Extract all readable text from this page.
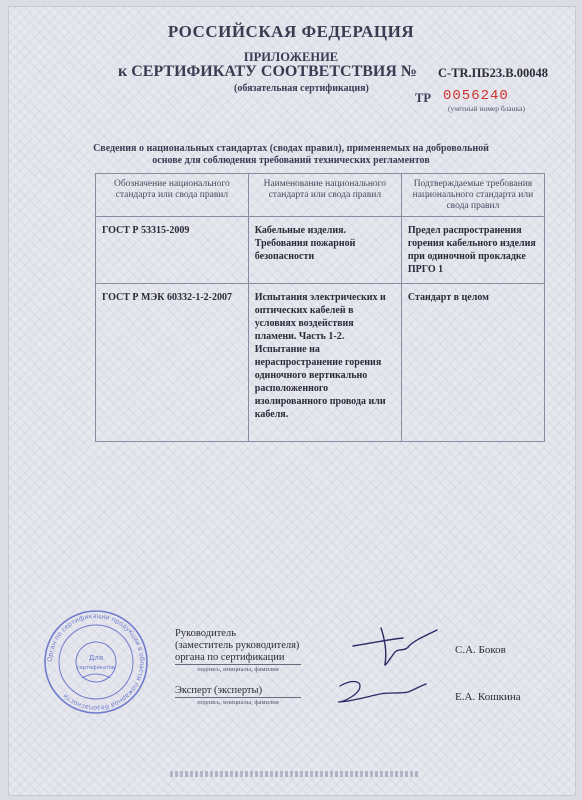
РОССИЙСКАЯ ФЕДЕРАЦИЯ
ПРИЛОЖЕНИЕ
к СЕРТИФИКАТУ СООТВЕТСТВИЯ № C-TR.ПБ23.В.00048
(обязательная сертификация)
ТР 0056240
(учетный номер бланка)
Сведения о национальных стандартах (сводах правил), применяемых на добровольной
основе для соблюдения требований технических регламентов
Обозначение национального стандарта или свода правил	Наименование национального стандарта или свода правил	Подтверждаемые требования национального стандарта или свода правил
ГОСТ Р 53315-2009	Кабельные изделия. Требования пожарной безопасности	Предел распространения горения кабельного изделия при одиночной прокладке ПРГО 1
ГОСТ Р МЭК 60332-1-2-2007	Испытания электрических и оптических кабелей в условиях воздействия пламени. Часть 1-2. Испытание на нераспространение горения одиночного вертикально расположенного изолированного провода или кабеля.	Стандарт в целом
Орган по сертификации продукции в области пожарной безопасности
Для
сертификатов
Руководитель
(заместитель руководителя)
органа по сертификации
подпись, инициалы, фамилия
С.А. Боков
Эксперт (эксперты)
подпись, инициалы, фамилия	Е.А. Кошкина
